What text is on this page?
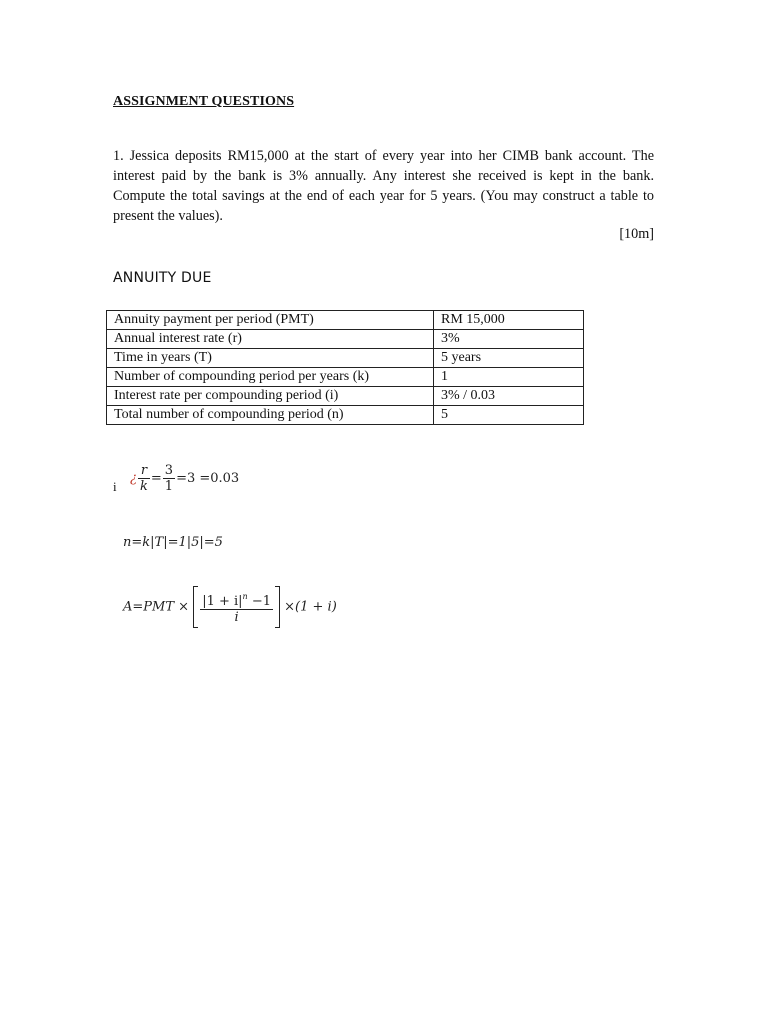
ASSIGNMENT QUESTIONS
1. Jessica deposits RM15,000 at the start of every year into her CIMB bank account. The interest paid by the bank is 3% annually. Any interest she received is kept in the bank. Compute the total savings at the end of each year for 5 years. (You may construct a table to present the values).
[10m]
ANNUITY DUE
Annuity payment per period (PMT)	RM 15,000
Annual interest rate (r)	3%
Time in years (T)	5 years
Number of compounding period per years (k)	1
Interest rate per compounding period (i)	3% / 0.03
Total number of compounding period (n)	5
i
¿ $\frac{r}{k} = \frac{3}{1} =3 =0.03$
n=k|T|=1|5|=5
$A=PMT \times \frac{|1 + i|^n -1}{i} \times(1 + i)$
